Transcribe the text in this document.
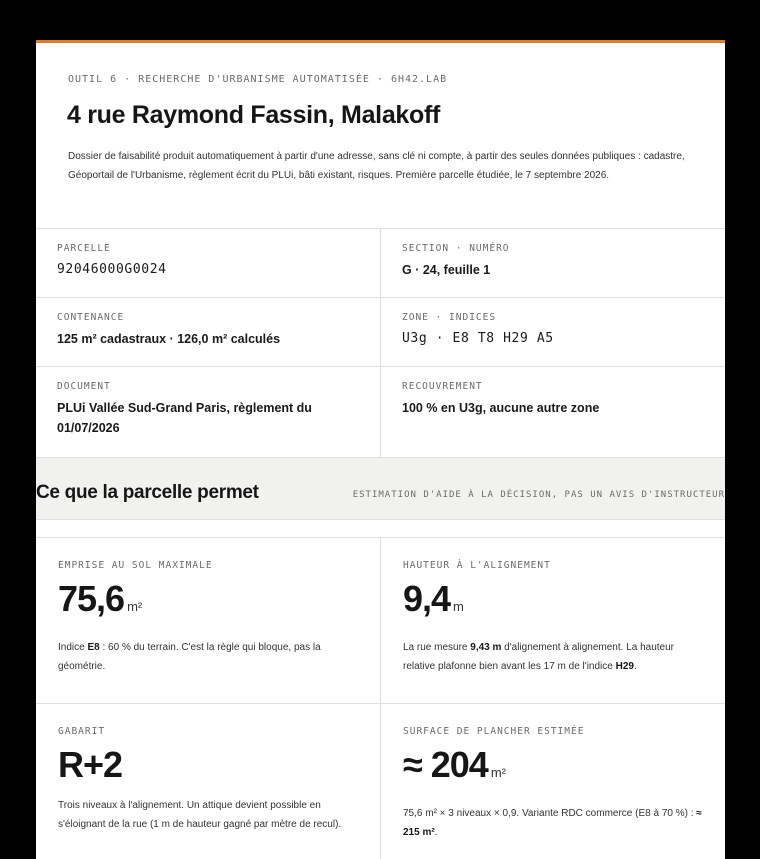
OUTIL 6 · RECHERCHE D'URBANISME AUTOMATISÉE · 6H42.LAB
4 rue Raymond Fassin, Malakoff

Dossier de faisabilité produit automatiquement à partir d'une adresse, sans clé ni compte, à partir des seules données publiques : cadastre, Géoportail de l'Urbanisme, règlement écrit du PLUi, bâti existant, risques. Première parcelle étudiée, le 7 septembre 2026.

PARCELLE
92046000G0024
SECTION · NUMÉRO
G · 24, feuille 1
CONTENANCE
125 m² cadastraux · 126,0 m² calculés
ZONE · INDICES
U3g · E8 T8 H29 A5
DOCUMENT
PLUi Vallée Sud-Grand Paris, règlement du 01/07/2026
RECOUVREMENT
100 % en U3g, aucune autre zone
Ce que la parcelle permet	ESTIMATION D'AIDE À LA DÉCISION, PAS UN AVIS D'INSTRUCTEUR
EMPRISE AU SOL MAXIMALE
75,6 m²

Indice E8 : 60 % du terrain. C'est la règle qui bloque, pas la géométrie.

HAUTEUR À L'ALIGNEMENT
9,4 m

La rue mesure 9,43 m d'alignement à alignement. La hauteur relative plafonne bien avant les 17 m de l'indice H29.

GABARIT
R+2

Trois niveaux à l'alignement. Un attique devient possible en s'éloignant de la rue (1 m de hauteur gagné par mètre de recul).

SURFACE DE PLANCHER ESTIMÉE
≈ 204 m²

75,6 m² × 3 niveaux × 0,9. Variante RDC commerce (E8 à 70 %) : ≈ 215 m².
